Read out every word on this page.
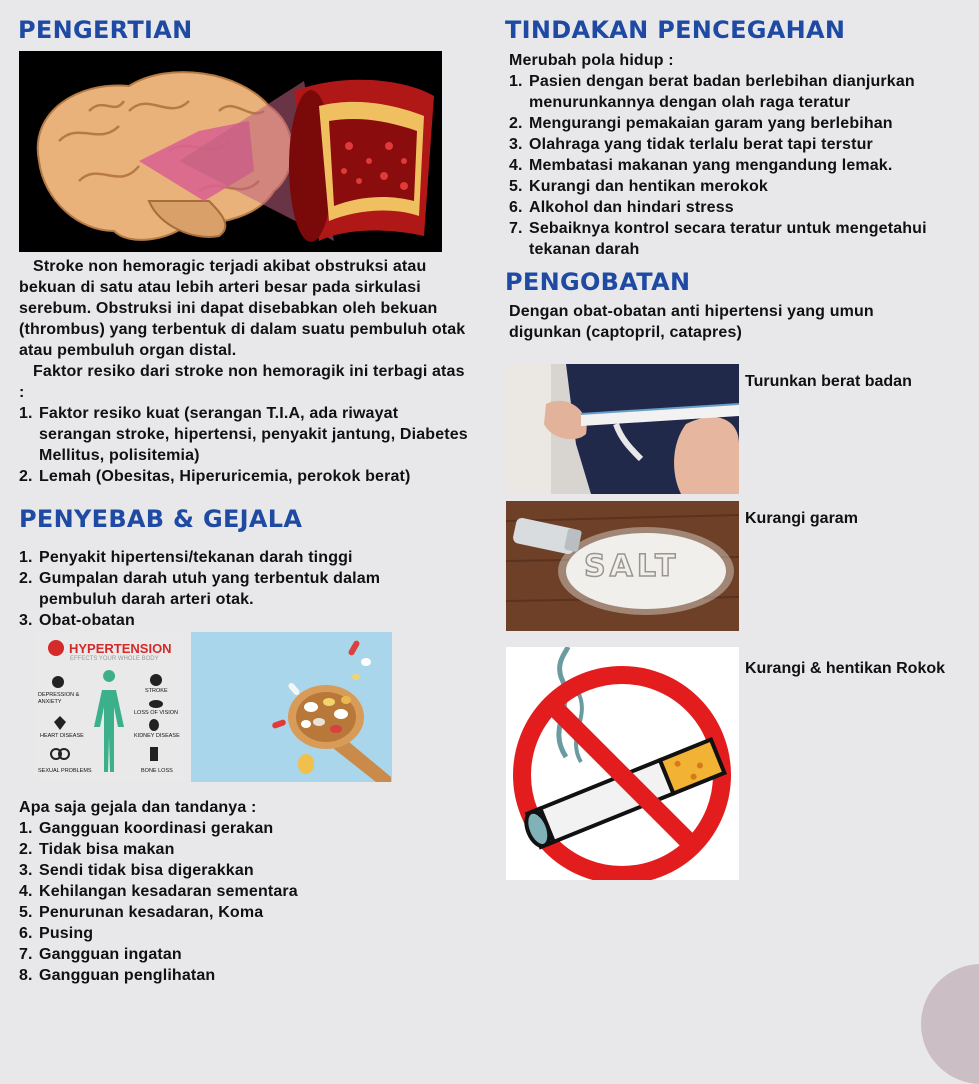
PENGERTIAN

Stroke non hemoragic terjadi akibat obstruksi atau bekuan di satu atau lebih arteri besar pada sirkulasi serebum. Obstruksi ini dapat disebabkan oleh bekuan (thrombus) yang terbentuk di dalam suatu pembuluh otak atau pembuluh organ distal.

Faktor resiko dari stroke non hemoragik ini terbagi atas :

1. Faktor resiko kuat (serangan T.I.A, ada riwayat serangan stroke, hipertensi, penyakit jantung, Diabetes Mellitus, polisitemia)
2. Lemah (Obesitas, Hiperuricemia, perokok berat)
PENYEBAB & GEJALA
1. Penyakit hipertensi/tekanan darah tinggi
2. Gumpalan darah utuh yang terbentuk dalam pembuluh darah arteri otak.
3. Obat-obatan
HYPERTENSION
EFFECTS YOUR WHOLE BODY
DEPRESSION & ANXIETY
STROKE
LOSS OF VISION
HEART DISEASE	KIDNEY DISEASE
SEXUAL PROBLEMS	BONE LOSS

Apa saja gejala dan tandanya :

1. Gangguan koordinasi gerakan
2. Tidak bisa makan
3. Sendi tidak bisa digerakkan
4. Kehilangan kesadaran sementara
5. Penurunan kesadaran, Koma
6. Pusing
7. Gangguan ingatan
8. Gangguan penglihatan
TINDAKAN PENCEGAHAN

Merubah pola hidup :

1. Pasien dengan berat badan berlebihan dianjurkan menurunkannya dengan olah raga teratur
2. Mengurangi pemakaian garam yang berlebihan
3. Olahraga yang tidak terlalu berat tapi terstur
4. Membatasi makanan yang mengandung lemak.
5. Kurangi dan hentikan merokok
6. Alkohol dan hindari stress
7. Sebaiknya kontrol secara teratur untuk mengetahui tekanan darah
PENGOBATAN
Dengan obat-obatan anti hipertensi yang umun digunkan (captopril, catapres)
Turunkan berat badan
SALT
Kurangi garam
Kurangi & hentikan Rokok
